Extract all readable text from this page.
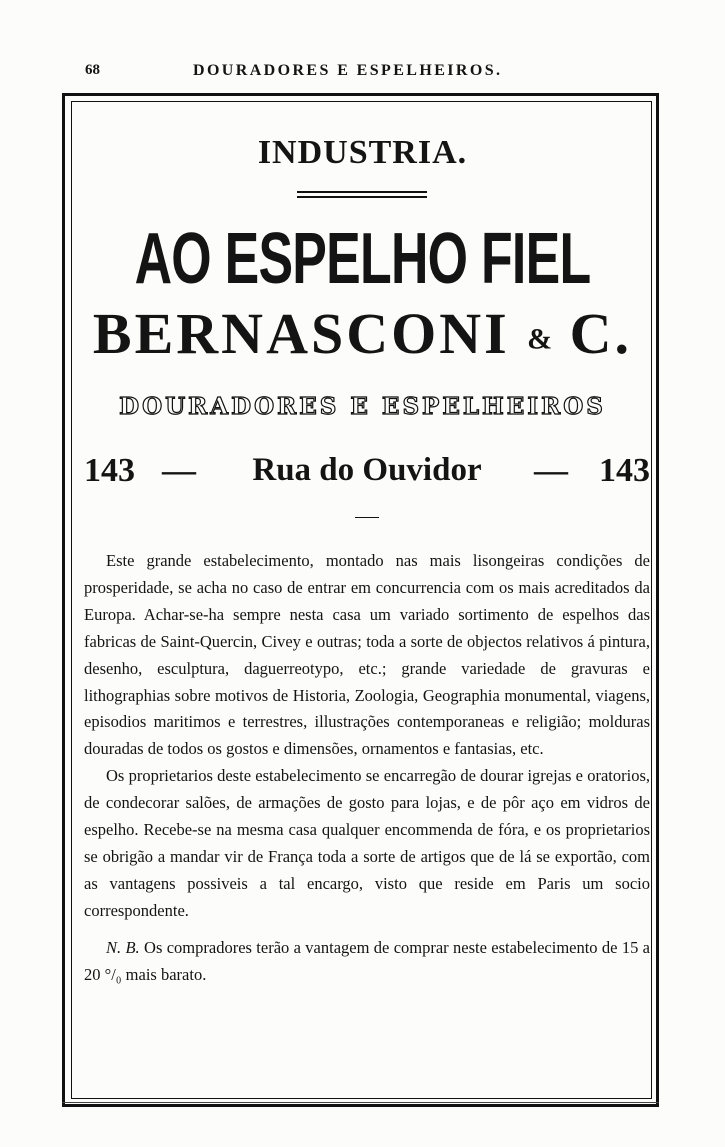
68	DOURADORES E ESPELHEIROS.
INDUSTRIA.
AO ESPELHO FIEL
BERNASCONI & C.
DOURADORES E ESPELHEIROS
Rua do Ouvidor
143 —	— 143

Este grande estabelecimento, montado nas mais lisongeiras condições de prosperidade, se acha no caso de entrar em concurrencia com os mais acreditados da Europa. Achar-se-ha sempre nesta casa um variado sortimento de espelhos das fabricas de Saint-Quercin, Civey e outras; toda a sorte de objectos relativos á pintura, desenho, esculptura, daguerreotypo, etc.; grande variedade de gravuras e lithographias sobre motivos de Historia, Zoologia, Geographia monumental, viagens, episodios maritimos e terrestres, illustrações contemporaneas e religião; molduras douradas de todos os gostos e dimensões, ornamentos e fantasias, etc.

Os proprietarios deste estabelecimento se encarregão de dourar igrejas e oratorios, de condecorar salões, de armações de gosto para lojas, e de pôr aço em vidros de espelho. Recebe-se na mesma casa qualquer encommenda de fóra, e os proprietarios se obrigão a mandar vir de França toda a sorte de artigos que de lá se exportão, com as vantagens possiveis a tal encargo, visto que reside em Paris um socio correspondente.

N. B. Os compradores terão a vantagem de comprar neste estabelecimento de 15 a 20 °/₀ mais barato.
